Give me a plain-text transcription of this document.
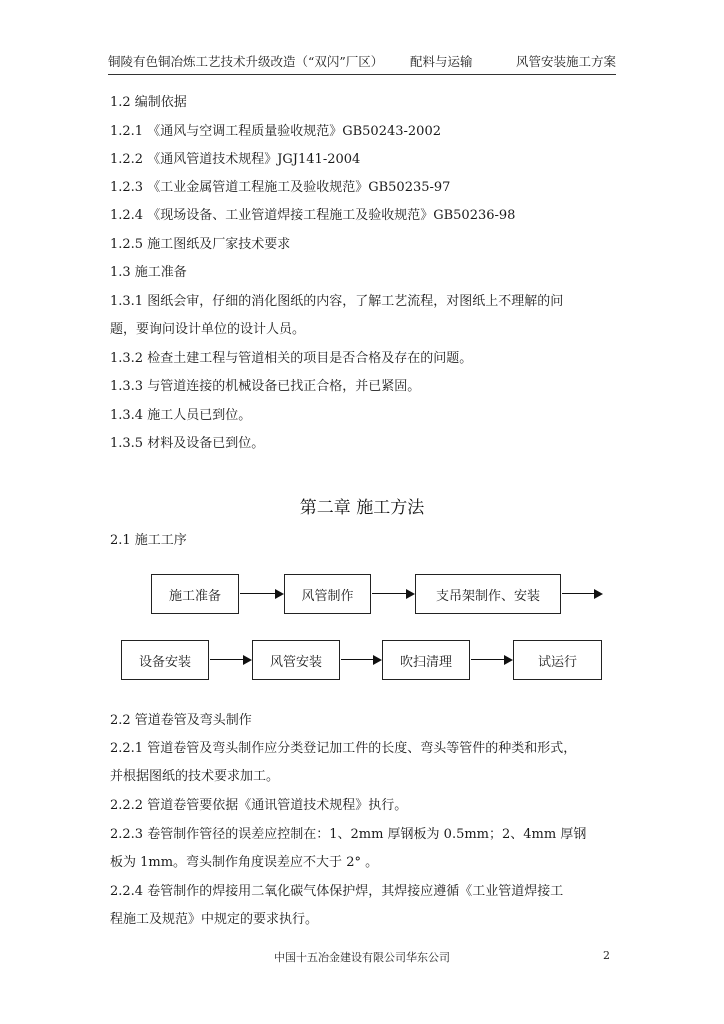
铜陵有色铜冶炼工艺技术升级改造（“双闪”厂区） 配料与运输	风管安装施工方案
1.2 编制依据
1.2.1 《通风与空调工程质量验收规范》GB50243-2002
1.2.2 《通风管道技术规程》JGJ141-2004
1.2.3 《工业金属管道工程施工及验收规范》GB50235-97
1.2.4 《现场设备、工业管道焊接工程施工及验收规范》GB50236-98
1.2.5 施工图纸及厂家技术要求
1.3 施工准备
1.3.1 图纸会审，仔细的消化图纸的内容，了解工艺流程，对图纸上不理解的问
题，要询问设计单位的设计人员。
1.3.2 检查土建工程与管道相关的项目是否合格及存在的问题。
1.3.3 与管道连接的机械设备已找正合格，并已紧固。
1.3.4 施工人员已到位。
1.3.5 材料及设备已到位。
第二章 施工方法
2.1 施工工序
施工准备	风管制作	支吊架制作、安装
设备安装	风管安装	吹扫清理	试运行
2.2 管道卷管及弯头制作
2.2.1 管道卷管及弯头制作应分类登记加工件的长度、弯头等管件的种类和形式，
并根据图纸的技术要求加工。
2.2.2 管道卷管要依据《通讯管道技术规程》执行。
2.2.3 卷管制作管径的误差应控制在：1、2mm 厚钢板为 0.5mm；2、4mm 厚钢
板为 1mm。弯头制作角度误差应不大于 2° 。
2.2.4 卷管制作的焊接用二氧化碳气体保护焊，其焊接应遵循《工业管道焊接工
程施工及规范》中规定的要求执行。
中国十五冶金建设有限公司华东公司	2
